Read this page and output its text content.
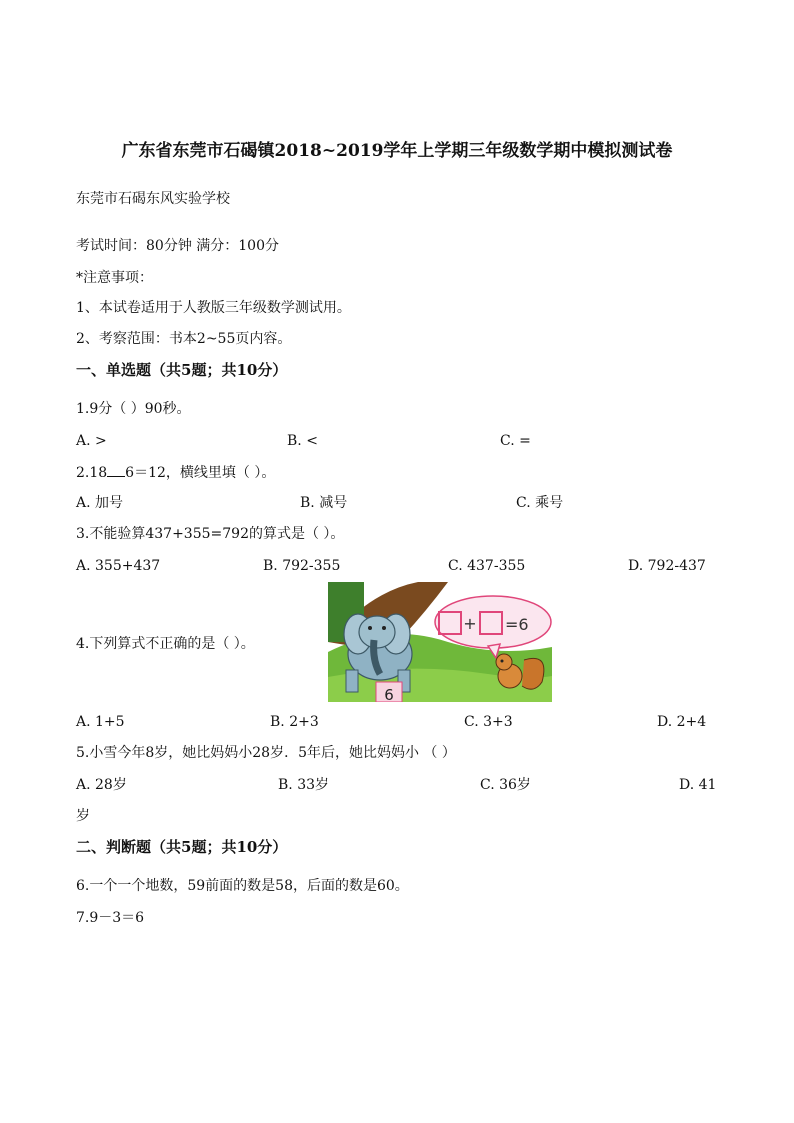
广东省东莞市石碣镇2018~2019学年上学期三年级数学期中模拟测试卷
东莞市石碣东风实验学校
考试时间：80分钟 满分：100分
*注意事项：
1、本试卷适用于人教版三年级数学测试用。
2、考察范围：书本2~55页内容。
一、单选题（共5题；共10分）
1.9分（ ）90秒。
A. >	B. <	C. =
2.18 6＝12，横线里填（ ）。
A. 加号	B. 减号	C. 乘号
3.不能验算437+355=792的算式是（ ）。
A. 355+437	B. 792-355	C. 437-355	D. 792-437
4.下列算式不正确的是（ ）。
+ =6
6
A. 1+5	B. 2+3	C. 3+3	D. 2+4
5.小雪今年8岁，她比妈妈小28岁．5年后，她比妈妈小 （ ）
A. 28岁	B. 33岁	C. 36岁	D. 41
岁
二、判断题（共5题；共10分）
6.一个一个地数，59前面的数是58，后面的数是60。
7.9－3＝6
